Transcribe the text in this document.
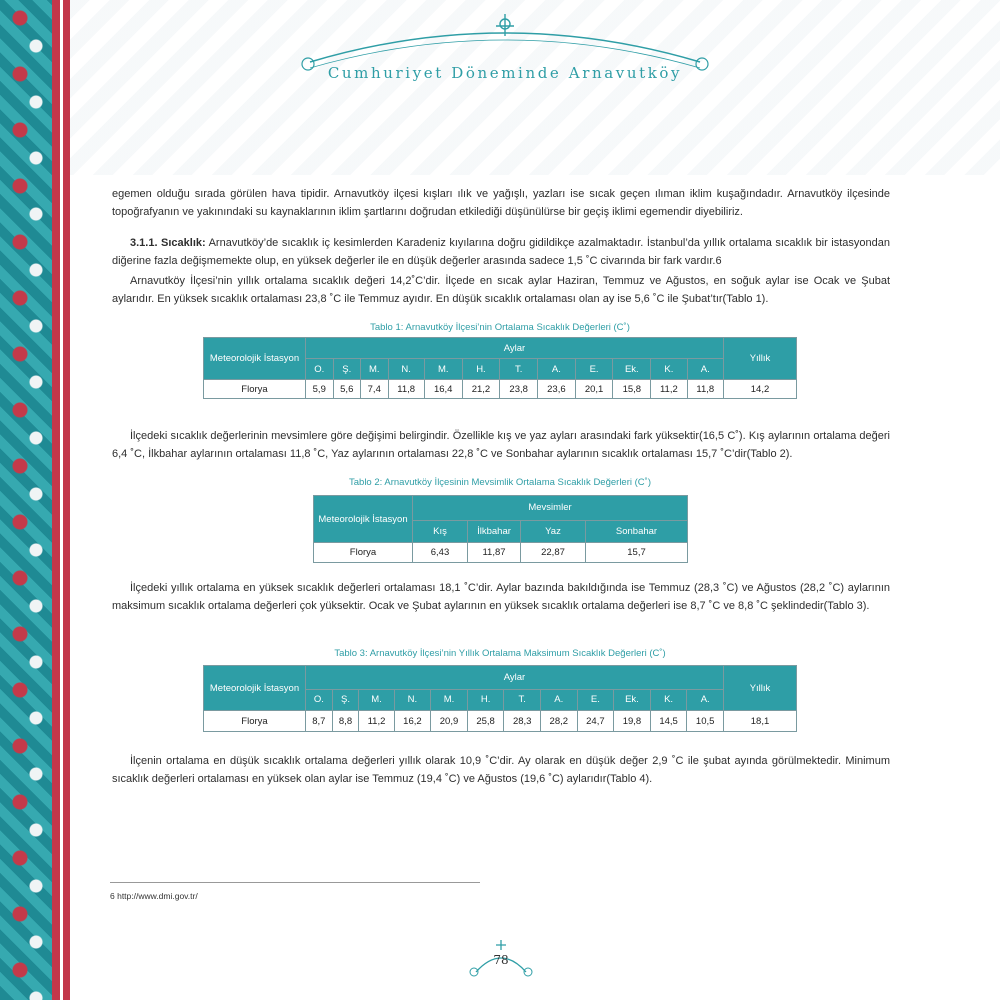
Cumhuriyet Döneminde Arnavutköy
egemen olduğu sırada görülen hava tipidir. Arnavutköy ilçesi kışları ılık ve yağışlı, yazları ise sıcak geçen ılıman iklim kuşağındadır. Arnavutköy ilçesinde topoğrafyanın ve yakınındaki su kaynaklarının iklim şartlarını doğrudan etkilediği düşünülürse bir geçiş iklimi egemendir diyebiliriz.
3.1.1. Sıcaklık: Arnavutköy’de sıcaklık iç kesimlerden Karadeniz kıyılarına doğru gidildikçe azalmaktadır. İstanbul’da yıllık ortalama sıcaklık bir istasyondan diğerine fazla değişmemekte olup, en yüksek değerler ile en düşük değerler arasında sadece 1,5 ˚C civarında bir fark vardır.6
Arnavutköy İlçesi’nin yıllık ortalama sıcaklık değeri 14,2˚C’dir. İlçede en sıcak aylar Haziran, Temmuz ve Ağustos, en soğuk aylar ise Ocak ve Şubat aylarıdır. En yüksek sıcaklık ortalaması 23,8 ˚C ile Temmuz ayıdır. En düşük sıcaklık ortalaması olan ay ise 5,6 ˚C ile Şubat’tır(Tablo 1).
Tablo 1: Arnavutköy İlçesi’nin Ortalama Sıcaklık Değerleri (C˚)
Meteorolojik İstasyon	Aylar												Yıllık
	O.	Ş.	M.	N.	M.	H.	T.	A.	E.	Ek.	K.	A.	
Florya	5,9	5,6	7,4	11,8	16,4	21,2	23,8	23,6	20,1	15,8	11,2	11,8	14,2
İlçedeki sıcaklık değerlerinin mevsimlere göre değişimi belirgindir. Özellikle kış ve yaz ayları arasındaki fark yüksektir(16,5 C˚). Kış aylarının ortalama değeri 6,4 ˚C, İlkbahar aylarının ortalaması 11,8 ˚C, Yaz aylarının ortalaması 22,8 ˚C ve Sonbahar aylarının sıcaklık ortalaması 15,7 ˚C’dir(Tablo 2).
Tablo 2: Arnavutköy İlçesinin Mevsimlik Ortalama Sıcaklık Değerleri (C˚)
Meteorolojik İstasyon	Mevsimler			
	Kış	İlkbahar	Yaz	Sonbahar
Florya	6,43	11,87	22,87	15,7
İlçedeki yıllık ortalama en yüksek sıcaklık değerleri ortalaması 18,1 ˚C’dir. Aylar bazında bakıldığında ise Temmuz (28,3 ˚C) ve Ağustos (28,2 ˚C) aylarının maksimum sıcaklık ortalama değerleri çok yüksektir. Ocak ve Şubat aylarının en yüksek sıcaklık ortalama değerleri ise 8,7 ˚C ve 8,8 ˚C şeklindedir(Tablo 3).
Tablo 3: Arnavutköy İlçesi’nin Yıllık Ortalama Maksimum Sıcaklık Değerleri (C˚)
Meteorolojik İstasyon	Aylar												Yıllık
	O.	Ş.	M.	N.	M.	H.	T.	A.	E.	Ek.	K.	A.	
Florya	8,7	8,8	11,2	16,2	20,9	25,8	28,3	28,2	24,7	19,8	14,5	10,5	18,1
İlçenin ortalama en düşük sıcaklık ortalama değerleri yıllık olarak 10,9 ˚C’dir. Ay olarak en düşük değer 2,9 ˚C ile şubat ayında görülmektedir. Minimum sıcaklık değerleri ortalaması en yüksek olan aylar ise Temmuz (19,4 ˚C) ve Ağustos (19,6 ˚C) aylarıdır(Tablo 4).
6 http://www.dmi.gov.tr/
78
